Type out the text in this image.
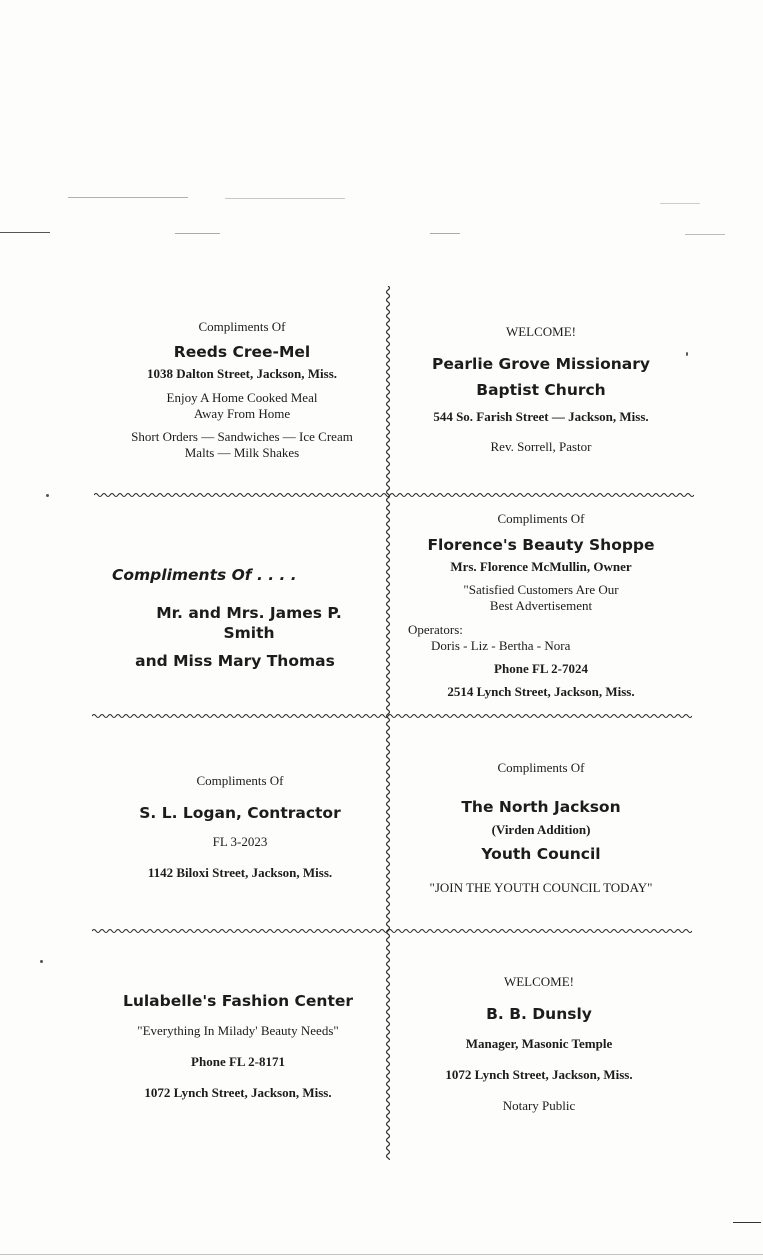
Compliments Of
Reeds Cree-Mel
1038 Dalton Street, Jackson, Miss.
Enjoy A Home Cooked Meal
Away From Home
Short Orders — Sandwiches — Ice Cream
Malts — Milk Shakes
WELCOME!
Pearlie Grove Missionary
Baptist Church
544 So. Farish Street — Jackson, Miss.
Rev. Sorrell, Pastor
Compliments Of . . . .
Mr. and Mrs. James P. Smith
and Miss Mary Thomas
Compliments Of
Florence's Beauty Shoppe
Mrs. Florence McMullin, Owner
"Satisfied Customers Are Our
Best Advertisement
Operators:
Doris - Liz - Bertha - Nora
Phone FL 2-7024
2514 Lynch Street, Jackson, Miss.
Compliments Of
S. L. Logan, Contractor
FL 3-2023
1142 Biloxi Street, Jackson, Miss.
Compliments Of
The North Jackson
(Virden Addition)
Youth Council
"JOIN THE YOUTH COUNCIL TODAY"
Lulabelle's Fashion Center
"Everything In Milady' Beauty Needs"
Phone FL 2-8171
1072 Lynch Street, Jackson, Miss.
WELCOME!
B. B. Dunsly
Manager, Masonic Temple
1072 Lynch Street, Jackson, Miss.
Notary Public
